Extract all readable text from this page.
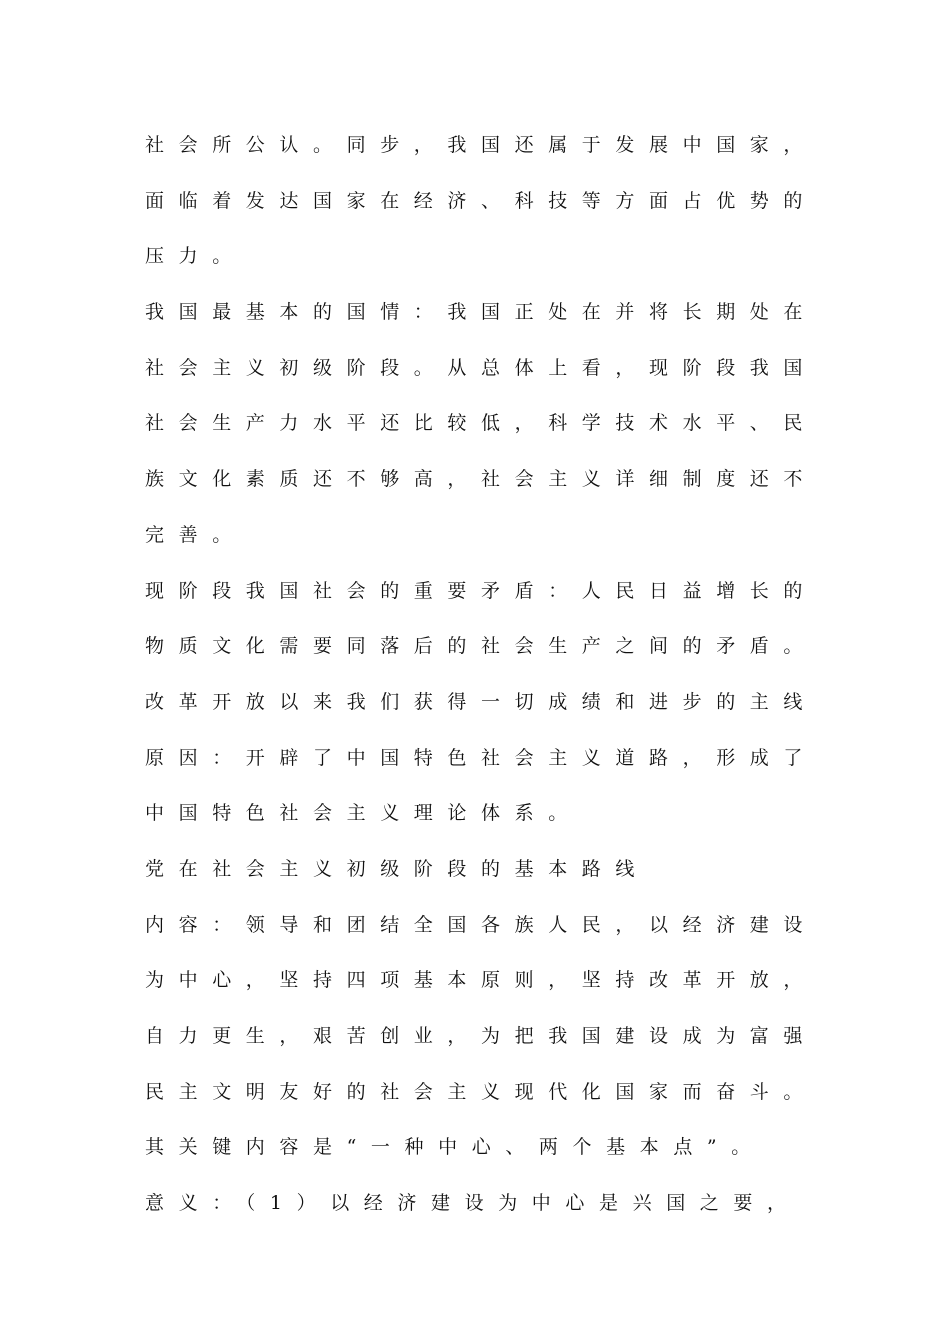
社会所公认。同步，我国还属于发展中国家，
面临着发达国家在经济、科技等方面占优势的
压力。
我国最基本的国情：我国正处在并将长期处在
社会主义初级阶段。从总体上看，现阶段我国
社会生产力水平还比较低，科学技术水平、民
族文化素质还不够高，社会主义详细制度还不
完善。
现阶段我国社会的重要矛盾：人民日益增长的
物质文化需要同落后的社会生产之间的矛盾。
改革开放以来我们获得一切成绩和进步的主线
原因：开辟了中国特色社会主义道路，形成了
中国特色社会主义理论体系。
党在社会主义初级阶段的基本路线
内容：领导和团结全国各族人民，以经济建设
为中心，坚持四项基本原则，坚持改革开放，
自力更生，艰苦创业，为把我国建设成为富强
民主文明友好的社会主义现代化国家而奋斗。
其关键内容是“一种中心、两个基本点”。
意义：（1）以经济建设为中心是兴国之要，
